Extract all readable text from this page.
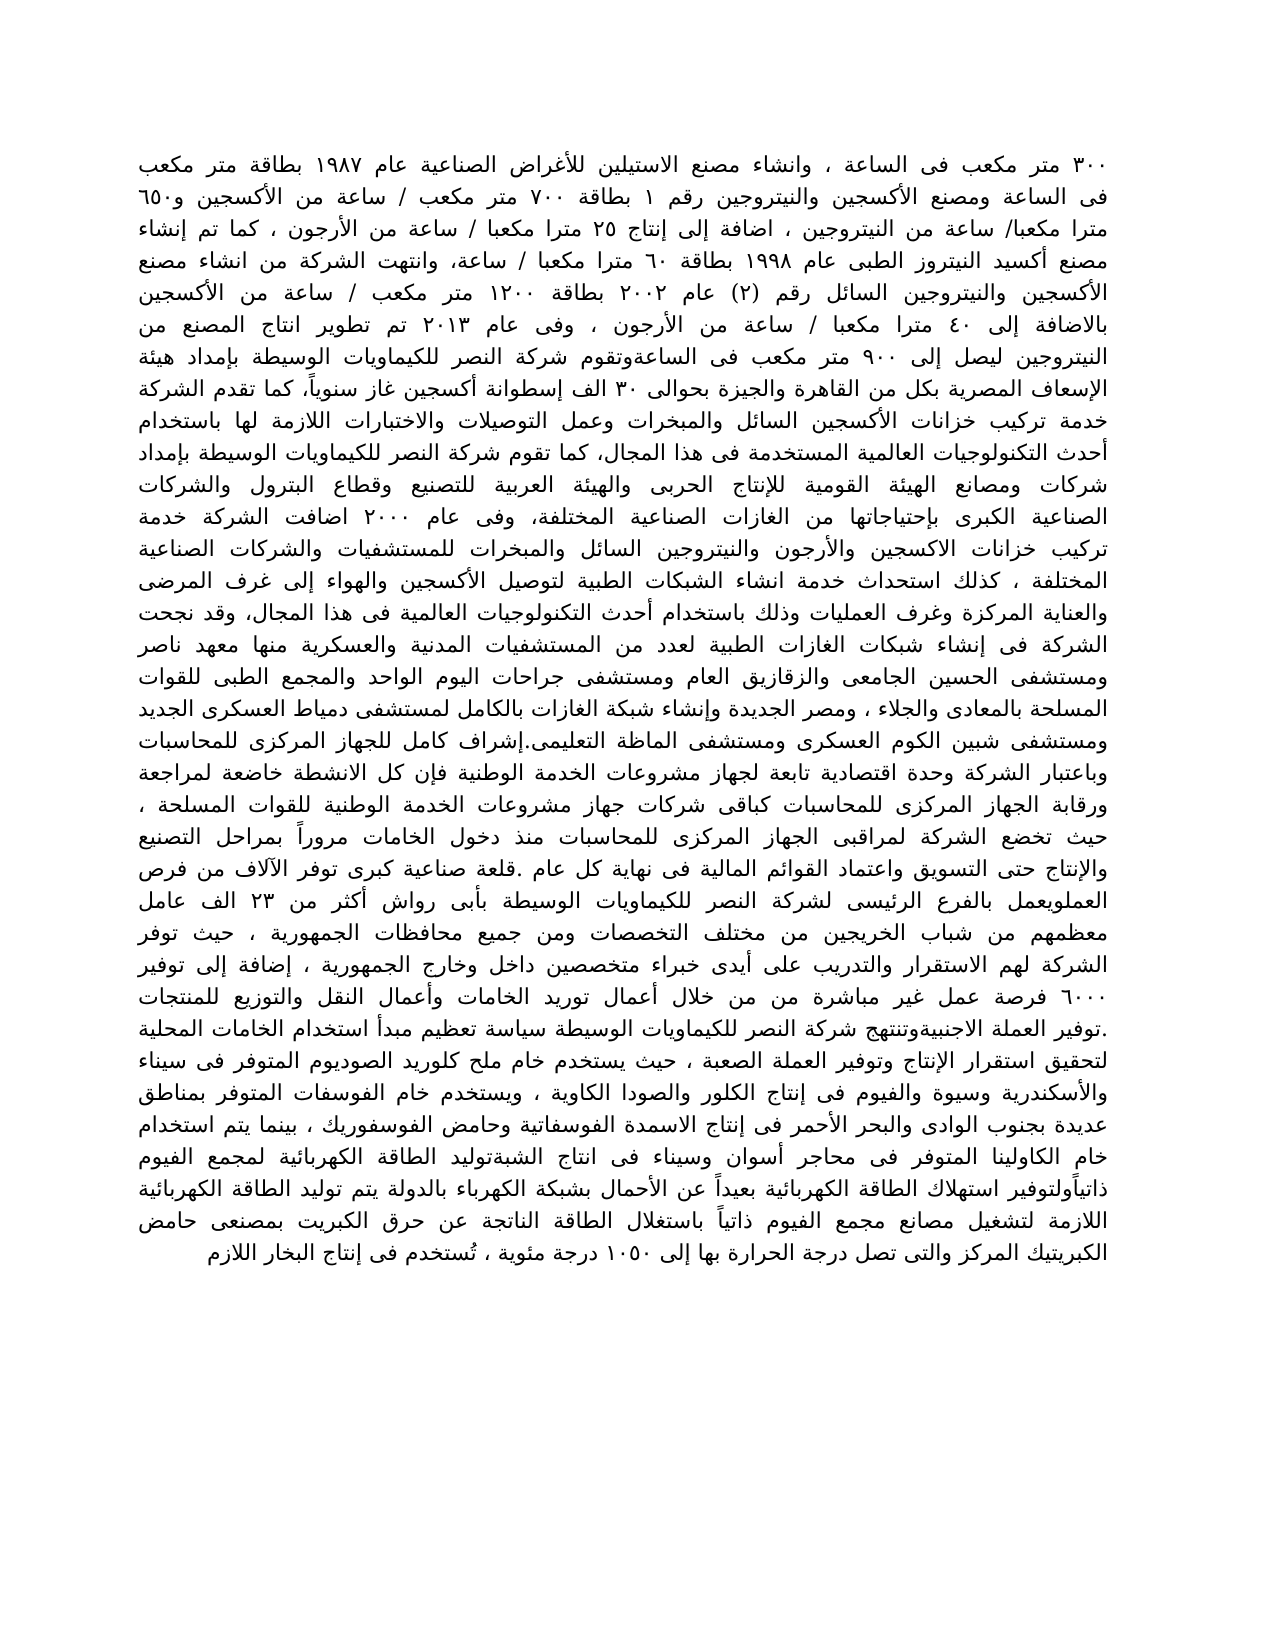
٣٠٠ متر مكعب فى الساعة ، وانشاء مصنع الاستيلين للأغراض الصناعية عام ١٩٨٧ بطاقة متر مكعب
فى الساعة ومصنع الأكسجين والنيتروجين رقم ١ بطاقة ٧٠٠ متر مكعب / ساعة من الأكسجين و٦٥٠
مترا مكعبا/ ساعة من النيتروجين ، اضافة إلى إنتاج ٢٥ مترا مكعبا / ساعة من الأرجون ، كما تم إنشاء
مصنع أكسيد النيتروز الطبى عام ١٩٩٨ بطاقة ٦٠ مترا مكعبا / ساعة، وانتهت الشركة من انشاء مصنع
الأكسجين والنيتروجين السائل رقم (٢) عام ٢٠٠٢ بطاقة ١٢٠٠ متر مكعب / ساعة من الأكسجين
بالاضافة إلى ٤٠ مترا مكعبا / ساعة من الأرجون ، وفى عام ٢٠١٣ تم تطوير انتاج المصنع من
النيتروجين ليصل إلى ٩٠٠ متر مكعب فى الساعةوتقوم شركة النصر للكيماويات الوسيطة بإمداد هيئة
الإسعاف المصرية بكل من القاهرة والجيزة بحوالى ٣٠ الف إسطوانة أكسجين غاز سنوياً، كما تقدم الشركة
خدمة تركيب خزانات الأكسجين السائل والمبخرات وعمل التوصيلات والاختبارات اللازمة لها باستخدام
أحدث التكنولوجيات العالمية المستخدمة فى هذا المجال، كما تقوم شركة النصر للكيماويات الوسيطة بإمداد
شركات ومصانع الهيئة القومية للإنتاج الحربى والهيئة العربية للتصنيع وقطاع البترول والشركات
الصناعية الكبرى بإحتياجاتها من الغازات الصناعية المختلفة، وفى عام ٢٠٠٠ اضافت الشركة خدمة
تركيب خزانات الاكسجين والأرجون والنيتروجين السائل والمبخرات للمستشفيات والشركات الصناعية
المختلفة ، كذلك استحداث خدمة انشاء الشبكات الطبية لتوصيل الأكسجين والهواء إلى غرف المرضى
والعناية المركزة وغرف العمليات وذلك باستخدام أحدث التكنولوجيات العالمية فى هذا المجال، وقد نجحت
الشركة فى إنشاء شبكات الغازات الطبية لعدد من المستشفيات المدنية والعسكرية منها معهد ناصر
ومستشفى الحسين الجامعى والزقازيق العام ومستشفى جراحات اليوم الواحد والمجمع الطبى للقوات
المسلحة بالمعادى والجلاء ، ومصر الجديدة وإنشاء شبكة الغازات بالكامل لمستشفى دمياط العسكرى الجديد
ومستشفى شبين الكوم العسكرى ومستشفى الماظة التعليمى.إشراف كامل للجهاز المركزى للمحاسبات
وباعتبار الشركة وحدة اقتصادية تابعة لجهاز مشروعات الخدمة الوطنية فإن كل الانشطة خاضعة لمراجعة
ورقابة الجهاز المركزى للمحاسبات كباقى شركات جهاز مشروعات الخدمة الوطنية للقوات المسلحة ،
حيث تخضع الشركة لمراقبى الجهاز المركزى للمحاسبات منذ دخول الخامات مروراً بمراحل التصنيع
والإنتاج حتى التسويق واعتماد القوائم المالية فى نهاية كل عام .قلعة صناعية كبرى توفر الآلاف من فرص
العملويعمل بالفرع الرئيسى لشركة النصر للكيماويات الوسيطة بأبى رواش أكثر من ٢٣ الف عامل
معظمهم من شباب الخريجين من مختلف التخصصات ومن جميع محافظات الجمهورية ، حيث توفر
الشركة لهم الاستقرار والتدريب على أيدى خبراء متخصصين داخل وخارج الجمهورية ، إضافة إلى توفير
٦٠٠٠ فرصة عمل غير مباشرة من من خلال أعمال توريد الخامات وأعمال النقل والتوزيع للمنتجات
.توفير العملة الاجنبيةوتنتهج شركة النصر للكيماويات الوسيطة سياسة تعظيم مبدأ استخدام الخامات المحلية
لتحقيق استقرار الإنتاج وتوفير العملة الصعبة ، حيث يستخدم خام ملح كلوريد الصوديوم المتوفر فى سيناء
والأسكندرية وسيوة والفيوم فى إنتاج الكلور والصودا الكاوية ، ويستخدم خام الفوسفات المتوفر بمناطق
عديدة بجنوب الوادى والبحر الأحمر فى إنتاج الاسمدة الفوسفاتية وحامض الفوسفوريك ، بينما يتم استخدام
خام الكاولينا المتوفر فى محاجر أسوان وسيناء فى انتاج الشبةتوليد الطاقة الكهربائية لمجمع الفيوم
ذاتياًولتوفير استهلاك الطاقة الكهربائية بعيداً عن الأحمال بشبكة الكهرباء بالدولة يتم توليد الطاقة الكهربائية
اللازمة لتشغيل مصانع مجمع الفيوم ذاتياً باستغلال الطاقة الناتجة عن حرق الكبريت بمصنعى حامض
الكبريتيك المركز والتى تصل درجة الحرارة بها إلى ١٠٥٠ درجة مئوية ، تُستخدم فى إنتاج البخار اللازم
